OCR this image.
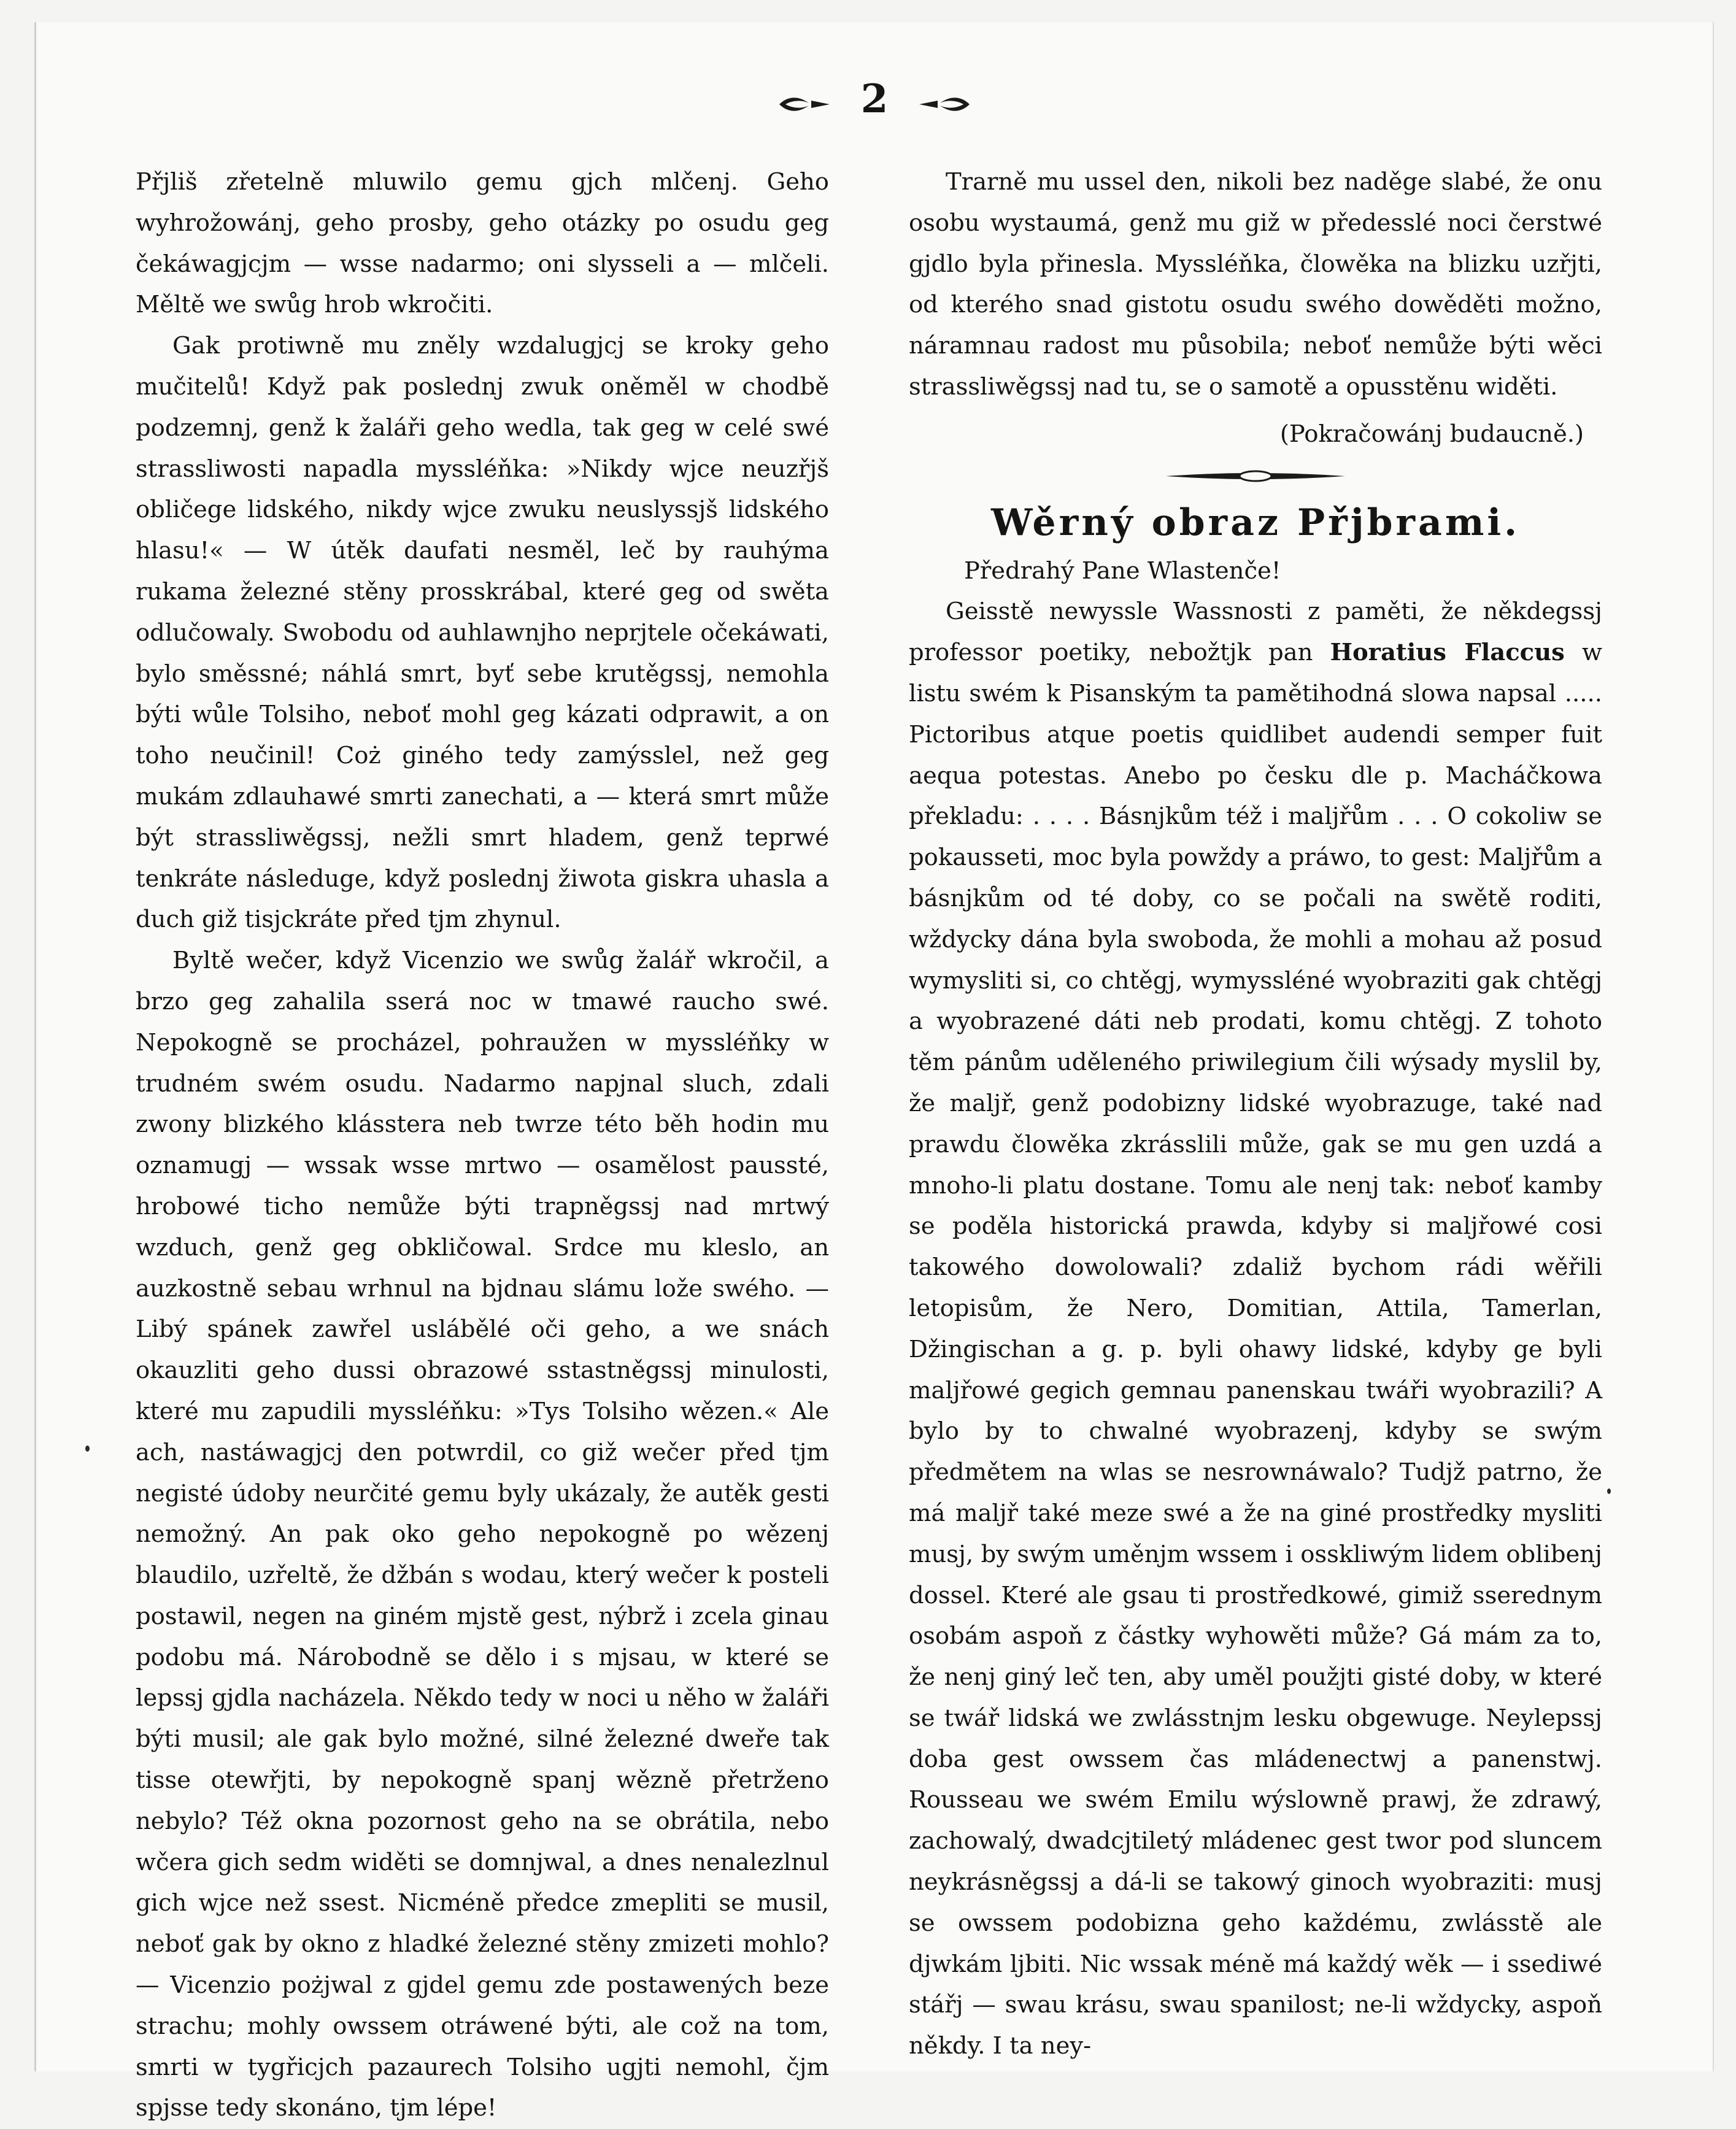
2

Přjliš zřetelně mluwilo gemu gjch mlčenj. Geho wyhrožowánj, geho prosby, geho otázky po osudu geg čekáwagjcjm — wsse nadarmo; oni slysseli a — mlčeli. Měltě we swůg hrob wkročiti.

Gak protiwně mu zněly wzdalugjcj se kroky geho mučitelů! Když pak poslednj zwuk oněměl w chodbě podzemnj, genž k žaláři geho wedla, tak geg w celé swé strassliwosti napadla myssléňka: »Nikdy wjce neuzřjš obličege lidského, nikdy wjce zwuku neuslyssjš lidského hlasu!« — W útěk daufati nesměl, leč by rauhýma rukama železné stěny prosskrábal, které geg od swěta odlučowaly. Swobodu od auhlawnjho neprjtele očekáwati, bylo směssné; náhlá smrt, byť sebe krutěgssj, nemohla býti wůle Tolsiho, neboť mohl geg kázati odprawit, a on toho neučinil! Coż giného tedy zamýsslel, než geg mukám zdlauhawé smrti zanechati, a — která smrt může být strassliwěgssj, nežli smrt hladem, genž teprwé tenkráte následuge, když poslednj žiwota giskra uhasla a duch giž tisjckráte před tjm zhynul.

Byltě wečer, když Vicenzio we swůg žalář wkročil, a brzo geg zahalila sserá noc w tmawé raucho swé. Nepokogně se procházel, pohraužen w myssléňky w trudném swém osudu. Nadarmo napjnal sluch, zdali zwony blizkého klásstera neb twrze této běh hodin mu oznamugj — wssak wsse mrtwo — osamělost paussté, hrobowé ticho nemůže býti trapněgssj nad mrtwý wzduch, genž geg obkličowal. Srdce mu kleslo, an auzkostně sebau wrhnul na bjdnau slámu lože swého. — Libý spánek zawřel uslábělé oči geho, a we snách okauzliti geho dussi obrazowé sstastněgssj minulosti, které mu zapudili myssléňku: »Tys Tolsiho wězen.« Ale ach, nastáwagjcj den potwrdil, co giž wečer před tjm negisté údoby neurčité gemu byly ukázaly, že autěk gesti nemožný. An pak oko geho nepokogně po wězenj blaudilo, uzřeltě, že džbán s wodau, který wečer k posteli postawil, negen na giném mjstě gest, nýbrž i zcela ginau podobu má. Nárobodně se dělo i s mjsau, w které se lepssj gjdla nacházela. Někdo tedy w noci u něho w žaláři býti musil; ale gak bylo možné, silné železné dweře tak tisse otewřjti, by nepokogně spanj wězně přetrženo nebylo? Též okna pozornost geho na se obrátila, nebo wčera gich sedm widěti se domnjwal, a dnes nenalezlnul gich wjce než ssest. Nicméně předce zmepliti se musil, neboť gak by okno z hladké železné stěny zmizeti mohlo? — Vicenzio pożjwal z gjdel gemu zde postawených beze strachu; mohly owssem otráwené býti, ale což na tom, smrti w tygřicjch pazaurech Tolsiho ugjti nemohl, čjm spjsse tedy skonáno, tjm lépe!

Trarně mu ussel den, nikoli bez naděge slabé, že onu osobu wystaumá, genž mu giž w předesslé noci čerstwé gjdlo byla přinesla. Myssléňka, člowěka na blizku uzřjti, od kterého snad gistotu osudu swého dowěděti možno, náramnau radost mu působila; neboť nemůže býti wěci strassliwěgssj nad tu, se o samotě a opusstěnu widěti.

(Pokračowánj budaucně.)

Wěrný obraz Přjbrami.

Předrahý Pane Wlastenče!

Geisstě newyssle Wassnosti z paměti, že někdegssj professor poetiky, nebožtjk pan Horatius Flaccus w listu swém k Pisanským ta pamětihodná slowa napsal ..... Pictoribus atque poetis quidlibet audendi semper fuit aequa potestas. Anebo po česku dle p. Macháčkowa překladu: . . . . Básnjkům též i maljřům . . . O cokoliw se pokausseti, moc byla powždy a práwo, to gest: Maljřům a básnjkům od té doby, co se počali na swětě roditi, wždycky dána byla swoboda, že mohli a mohau až posud wymysliti si, co chtěgj, wymyssléné wyobraziti gak chtěgj a wyobrazené dáti neb prodati, komu chtěgj. Z tohoto těm pánům uděleného priwilegium čili wýsady myslil by, že maljř, genž podobizny lidské wyobrazuge, také nad prawdu člowěka zkrásslili může, gak se mu gen uzdá a mnoho-li platu dostane. Tomu ale nenj tak: neboť kamby se poděla historická prawda, kdyby si maljřowé cosi takowého dowolowali? zdaliž bychom rádi wěřili letopisům, že Nero, Domitian, Attila, Tamerlan, Džingischan a g. p. byli ohawy lidské, kdyby ge byli maljřowé gegich gemnau panenskau twáři wyobrazili? A bylo by to chwalné wyobrazenj, kdyby se swým předmětem na wlas se nesrownáwalo? Tudjž patrno, že má maljř také meze swé a že na giné prostředky mysliti musj, by swým uměnjm wssem i osskliwým lidem oblibenj dossel. Které ale gsau ti prostředkowé, gimiž sserednym osobám aspoň z částky wyhowěti může? Gá mám za to, že nenj giný leč ten, aby uměl použjti gisté doby, w které se twář lidská we zwlásstnjm lesku obgewuge. Neylepssj doba gest owssem čas mládenectwj a panenstwj. Rousseau we swém Emilu wýslowně prawj, že zdrawý, zachowalý, dwadcjtiletý mládenec gest twor pod sluncem neykrásněgssj a dá-li se takowý ginoch wyobraziti: musj se owssem podobizna geho každému, zwlásstě ale djwkám ljbiti. Nic wssak méně má každý wěk — i ssediwé stářj — swau krásu, swau spanilost; ne-li wždycky, aspoň někdy. I ta ney-
